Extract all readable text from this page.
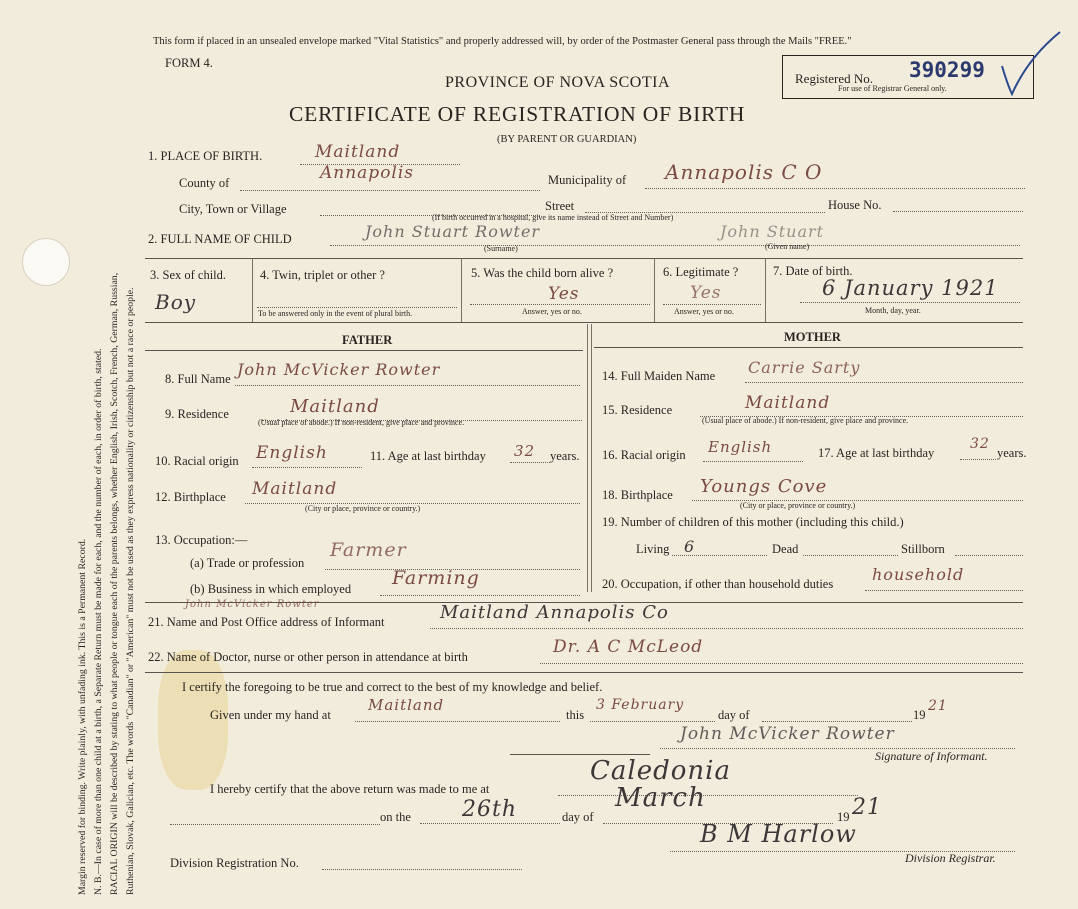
Margin reserved for binding. Write plainly, with unfading ink. This is a Permanent Record. N. B.—In case of more than one child at a birth, a Separate Return must be made for each, and the number of each, in order of birth, stated. RACIAL ORIGIN will be described by stating to what people or tongue each of the parents belongs, whether English, Irish, Scotch, French, German, Russian, Ruthenian, Slovak, Galician, etc. The words "Canadian" or "American" must not be used as they express nationality or citizenship but not a race or people.
This form if placed in an unsealed envelope marked "Vital Statistics" and properly addressed will, by order of the Postmaster General pass through the Mails "FREE."
FORM 4.
PROVINCE OF NOVA SCOTIA
CERTIFICATE OF REGISTRATION OF BIRTH
(BY PARENT OR GUARDIAN)
Registered No. 390299
For use of Registrar General only.
1. PLACE OF BIRTH.	Maitland
County of	Annapolis	Municipality of Annapolis C O
City, Town or Village	Street	House No.
(If birth occurred in a hospital, give its name instead of Street and Number)
2. FULL NAME OF CHILD	John Stuart Rowter	John Stuart
(Surname)	(Given name)
3. Sex of child.
Boy
4. Twin, triplet or other ?
To be answered only in the event of plural birth.
5. Was the child born alive ?
Yes
Answer, yes or no.
6. Legitimate ?
Yes
Answer, yes or no.
7. Date of birth.
6 January 1921
Month, day, year.
FATHER	MOTHER
8. Full Name John McVicker Rowter
9. Residence	Maitland
(Usual place of abode.) If non-resident, give place and province.
10. Racial origin English	11. Age at last birthday 32 years.
12. Birthplace Maitland
(City or place, province or country.)
13. Occupation:—
(a) Trade or profession
Farmer
(b) Business in which employed Farming
14. Full Maiden Name Carrie Sarty
15. Residence	Maitland
(Usual place of abode.) If non-resident, give place and province.
16. Racial origin English	17. Age at last birthday
32
years.
18. Birthplace Youngs Cove
(City or place, province or country.)
19. Number of children of this mother (including this child.)
Living 6	Dead	Stillborn
20. Occupation, if other than household duties household
John McVicker Rowter
21. Name and Post Office address of Informant	Maitland Annapolis Co
22. Name of Doctor, nurse or other person in attendance at birth	Dr. A C McLeod
I certify the foregoing to be true and correct to the best of my knowledge and belief.
Given under my hand at
Maitland
this
3 February
day of	19
21
John McVicker Rowter
Signature of Informant.
I hereby certify that the above return was made to me at
Caledonia
on the 26th	day of
March
19 21
B M Harlow
Division Registrar.
Division Registration No.
